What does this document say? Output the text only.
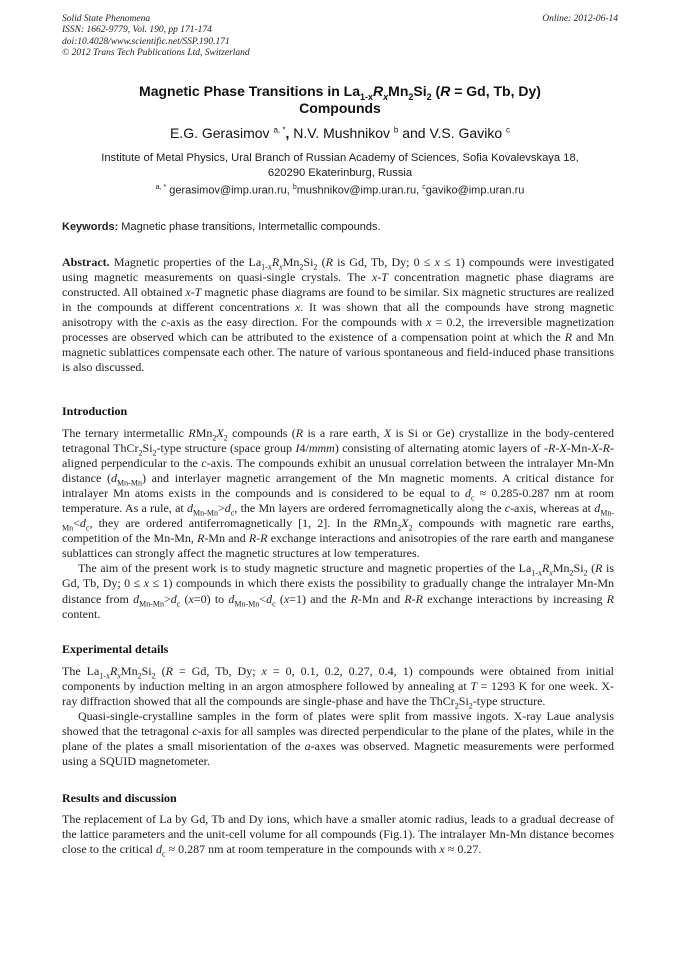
Solid State Phenomena
ISSN: 1662-9779, Vol. 190, pp 171-174
doi:10.4028/www.scientific.net/SSP.190.171
© 2012 Trans Tech Publications Ltd, Switzerland
Online: 2012-06-14
Magnetic Phase Transitions in $La_{1-x}R_xMn_2Si_2$ (R = Gd, Tb, Dy)
Compounds
E.G. Gerasimov $^{a, *}$, N.V. Mushnikov $^b$ and V.S. Gaviko $^c$
Institute of Metal Physics, Ural Branch of Russian Academy of Sciences, Sofia Kovalevskaya 18,
620290 Ekaterinburg, Russia
$^{a, *}$ gerasimov@imp.uran.ru, $^b$mushnikov@imp.uran.ru, $^c$gaviko@imp.uran.ru
Keywords: Magnetic phase transitions, Intermetallic compounds.

Abstract. Magnetic properties of the $La_{1-x}R_xMn_2Si_2$ (R is Gd, Tb, Dy; 0 ≤ x ≤ 1) compounds were investigated using magnetic measurements on quasi-single crystals. The x-T concentration magnetic phase diagrams are constructed. All obtained x-T magnetic phase diagrams are found to be similar. Six magnetic structures are realized in the compounds at different concentrations x. It was shown that all the compounds have strong magnetic anisotropy with the c-axis as the easy direction. For the compounds with x = 0.2, the irreversible magnetization processes are observed which can be attributed to the existence of a compensation point at which the R and Mn magnetic sublattices compensate each other. The nature of various spontaneous and field-induced phase transitions is also discussed.

Introduction

The ternary intermetallic $RMn_2X_2$ compounds (R is a rare earth, X is Si or Ge) crystallize in the body-centered tetragonal $ThCr_2Si_2$-type structure (space group I4/mmm) consisting of alternating atomic layers of -R-X-Mn-X-R- aligned perpendicular to the c-axis. The compounds exhibit an unusual correlation between the intralayer Mn-Mn distance $(d_{Mn-Mn})$ and interlayer magnetic arrangement of the Mn magnetic moments. A critical distance for intralayer Mn atoms exists in the compounds and is considered to be equal to $d_c \approx 0.285-0.287$ nm at room temperature. As a rule, at $d_{Mn-Mn}>d_c$, the Mn layers are ordered ferromagnetically along the c-axis, whereas at $d_{Mn-Mn}<d_c$, they are ordered antiferromagnetically [1, 2]. In the $RMn_2X_2$ compounds with magnetic rare earths, competition of the Mn-Mn, R-Mn and R-R exchange interactions and anisotropies of the rare earth and manganese sublattices can strongly affect the magnetic structures at low temperatures.

The aim of the present work is to study magnetic structure and magnetic properties of the $La_{1-x}R_xMn_2Si_2$ (R is Gd, Tb, Dy; 0 ≤ x ≤ 1) compounds in which there exists the possibility to gradually change the intralayer Mn-Mn distance from $d_{Mn-Mn}>d_c$ (x=0) to $d_{Mn-Mn}<d_c$ (x=1) and the R-Mn and R-R exchange interactions by increasing R content.

Experimental details

The $La_{1-x}R_xMn_2Si_2$ (R = Gd, Tb, Dy; x = 0, 0.1, 0.2, 0.27, 0.4, 1) compounds were obtained from initial components by induction melting in an argon atmosphere followed by annealing at T = 1293 K for one week. X-ray diffraction showed that all the compounds are single-phase and have the $ThCr_2Si_2$-type structure.

Quasi-single-crystalline samples in the form of plates were split from massive ingots. X-ray Laue analysis showed that the tetragonal c-axis for all samples was directed perpendicular to the plane of the plates, while in the plane of the plates a small misorientation of the a-axes was observed. Magnetic measurements were performed using a SQUID magnetometer.

Results and discussion

The replacement of La by Gd, Tb and Dy ions, which have a smaller atomic radius, leads to a gradual decrease of the lattice parameters and the unit-cell volume for all compounds (Fig.1). The intralayer Mn-Mn distance becomes close to the critical $d_c \approx 0.287$ nm at room temperature in the compounds with x ≈ 0.27.
